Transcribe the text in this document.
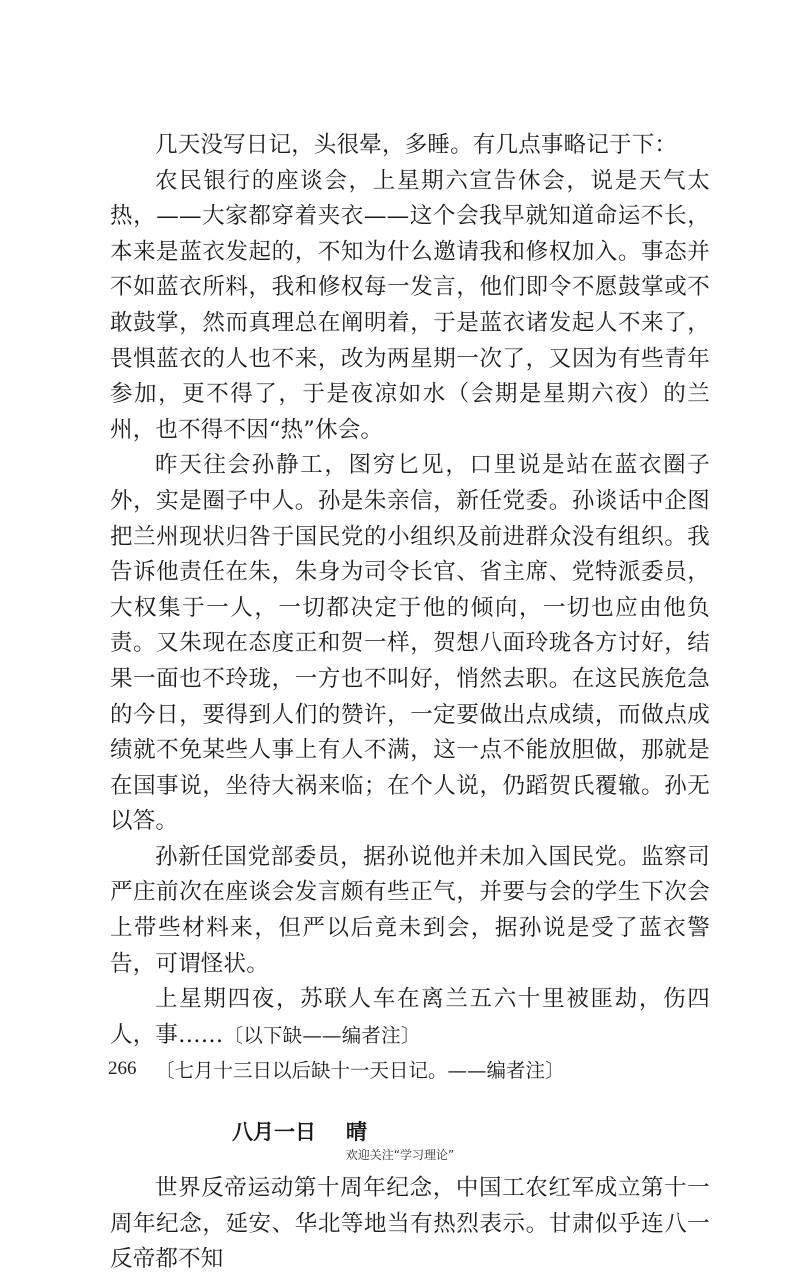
几天没写日记，头很晕，多睡。有几点事略记于下：

农民银行的座谈会，上星期六宣告休会，说是天气太热，——大家都穿着夹衣——这个会我早就知道命运不长，本来是蓝衣发起的，不知为什么邀请我和修权加入。事态并不如蓝衣所料，我和修权每一发言，他们即令不愿鼓掌或不敢鼓掌，然而真理总在阐明着，于是蓝衣诸发起人不来了，畏惧蓝衣的人也不来，改为两星期一次了，又因为有些青年参加，更不得了，于是夜凉如水（会期是星期六夜）的兰州，也不得不因“热”休会。

昨天往会孙静工，图穷匕见，口里说是站在蓝衣圈子外，实是圈子中人。孙是朱亲信，新任党委。孙谈话中企图把兰州现状归咎于国民党的小组织及前进群众没有组织。我告诉他责任在朱，朱身为司令长官、省主席、党特派委员，大权集于一人，一切都决定于他的倾向，一切也应由他负责。又朱现在态度正和贺一样，贺想八面玲珑各方讨好，结果一面也不玲珑，一方也不叫好，悄然去职。在这民族危急的今日，要得到人们的赞许，一定要做出点成绩，而做点成绩就不免某些人事上有人不满，这一点不能放胆做，那就是在国事说，坐待大祸来临；在个人说，仍蹈贺氏覆辙。孙无以答。

孙新任国党部委员，据孙说他并未加入国民党。监察司严庄前次在座谈会发言颇有些正气，并要与会的学生下次会上带些材料来，但严以后竟未到会，据孙说是受了蓝衣警告，可谓怪状。

上星期四夜，苏联人车在离兰五六十里被匪劫，伤四人，事……〔以下缺——编者注〕

〔七月十三日以后缺十一天日记。——编者注〕

八月一日 晴

世界反帝运动第十周年纪念，中国工农红军成立第十一周年纪念，延安、华北等地当有热烈表示。甘肃似乎连八一反帝都不知

266
欢迎关注“学习理论”
